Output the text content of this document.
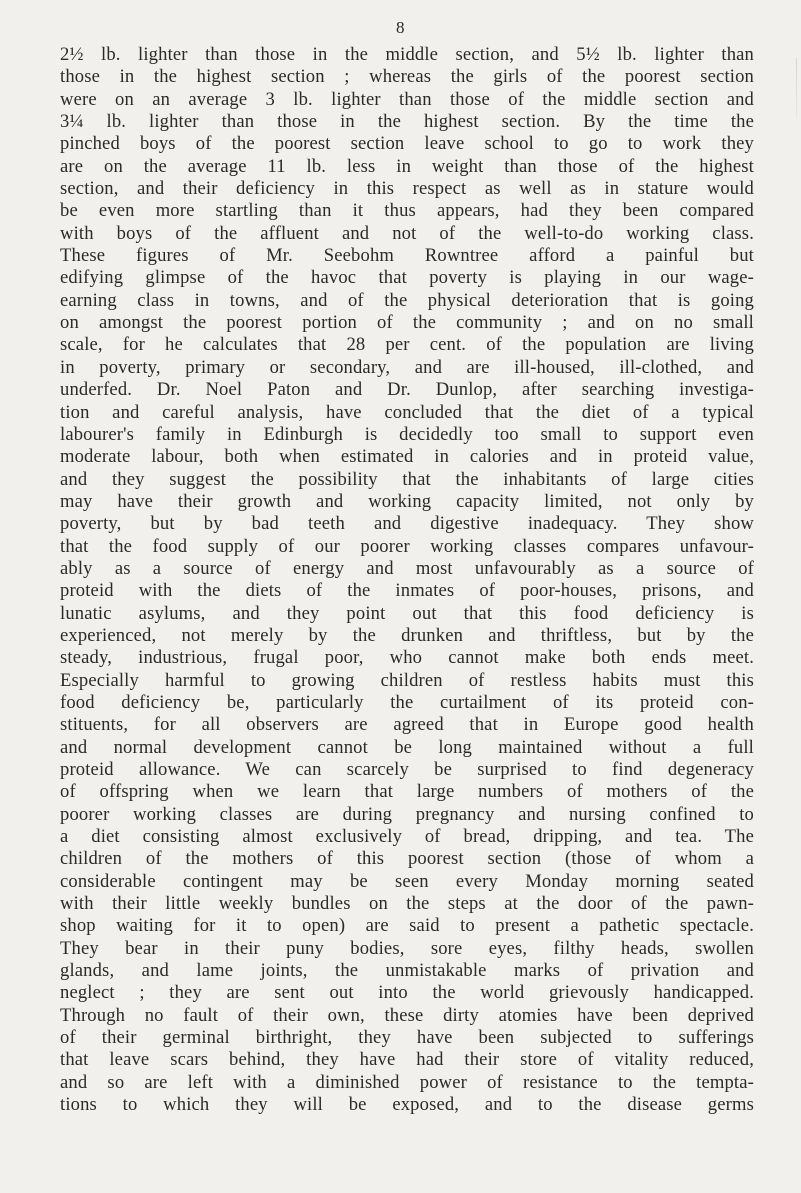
8
2½ lb. lighter than those in the middle section, and 5½ lb. lighter than
those in the highest section ; whereas the girls of the poorest section
were on an average 3 lb. lighter than those of the middle section and
3¼ lb. lighter than those in the highest section. By the time the
pinched boys of the poorest section leave school to go to work they
are on the average 11 lb. less in weight than those of the highest
section, and their deficiency in this respect as well as in stature would
be even more startling than it thus appears, had they been compared
with boys of the affluent and not of the well-to-do working class.
These figures of Mr. Seebohm Rowntree afford a painful but
edifying glimpse of the havoc that poverty is playing in our wage-
earning class in towns, and of the physical deterioration that is going
on amongst the poorest portion of the community ; and on no small
scale, for he calculates that 28 per cent. of the population are living
in poverty, primary or secondary, and are ill-housed, ill-clothed, and
underfed. Dr. Noel Paton and Dr. Dunlop, after searching investiga-
tion and careful analysis, have concluded that the diet of a typical
labourer's family in Edinburgh is decidedly too small to support even
moderate labour, both when estimated in calories and in proteid value,
and they suggest the possibility that the inhabitants of large cities
may have their growth and working capacity limited, not only by
poverty, but by bad teeth and digestive inadequacy. They show
that the food supply of our poorer working classes compares unfavour-
ably as a source of energy and most unfavourably as a source of
proteid with the diets of the inmates of poor-houses, prisons, and
lunatic asylums, and they point out that this food deficiency is
experienced, not merely by the drunken and thriftless, but by the
steady, industrious, frugal poor, who cannot make both ends meet.
Especially harmful to growing children of restless habits must this
food deficiency be, particularly the curtailment of its proteid con-
stituents, for all observers are agreed that in Europe good health
and normal development cannot be long maintained without a full
proteid allowance. We can scarcely be surprised to find degeneracy
of offspring when we learn that large numbers of mothers of the
poorer working classes are during pregnancy and nursing confined to
a diet consisting almost exclusively of bread, dripping, and tea. The
children of the mothers of this poorest section (those of whom a
considerable contingent may be seen every Monday morning seated
with their little weekly bundles on the steps at the door of the pawn-
shop waiting for it to open) are said to present a pathetic spectacle.
They bear in their puny bodies, sore eyes, filthy heads, swollen
glands, and lame joints, the unmistakable marks of privation and
neglect ; they are sent out into the world grievously handicapped.
Through no fault of their own, these dirty atomies have been deprived
of their germinal birthright, they have been subjected to sufferings
that leave scars behind, they have had their store of vitality reduced,
and so are left with a diminished power of resistance to the tempta-
tions to which they will be exposed, and to the disease germs
